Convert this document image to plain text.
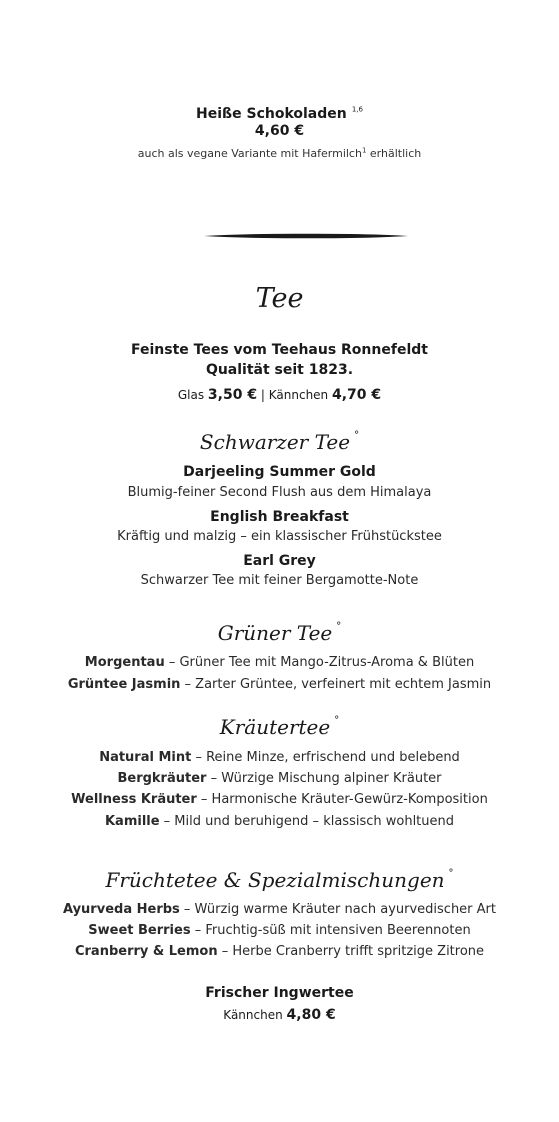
Heiße Schokoladen $^{1,6}$
4,60 €
auch als vegane Variante mit Hafermilch$^1$ erhältlich
Tee
Feinste Tees vom Teehaus Ronnefeldt
Qualität seit 1823.
Glas 3,50 € | Kännchen 4,70 €
Schwarzer Tee °
Darjeeling Summer Gold
Blumig-feiner Second Flush aus dem Himalaya
English Breakfast
Kräftig und malzig – ein klassischer Frühstückstee
Earl Grey
Schwarzer Tee mit feiner Bergamotte-Note
Grüner Tee °
Morgentau – Grüner Tee mit Mango-Zitrus-Aroma & Blüten
Grüntee Jasmin – Zarter Grüntee, verfeinert mit echtem Jasmin
Kräutertee °
Natural Mint – Reine Minze, erfrischend und belebend
Bergkräuter – Würzige Mischung alpiner Kräuter
Wellness Kräuter – Harmonische Kräuter-Gewürz-Komposition
Kamille – Mild und beruhigend – klassisch wohltuend
Früchtetee & Spezialmischungen °
Ayurveda Herbs – Würzig warme Kräuter nach ayurvedischer Art
Sweet Berries – Fruchtig-süß mit intensiven Beerennoten
Cranberry & Lemon – Herbe Cranberry trifft spritzige Zitrone
Frischer Ingwertee
Kännchen 4,80 €
